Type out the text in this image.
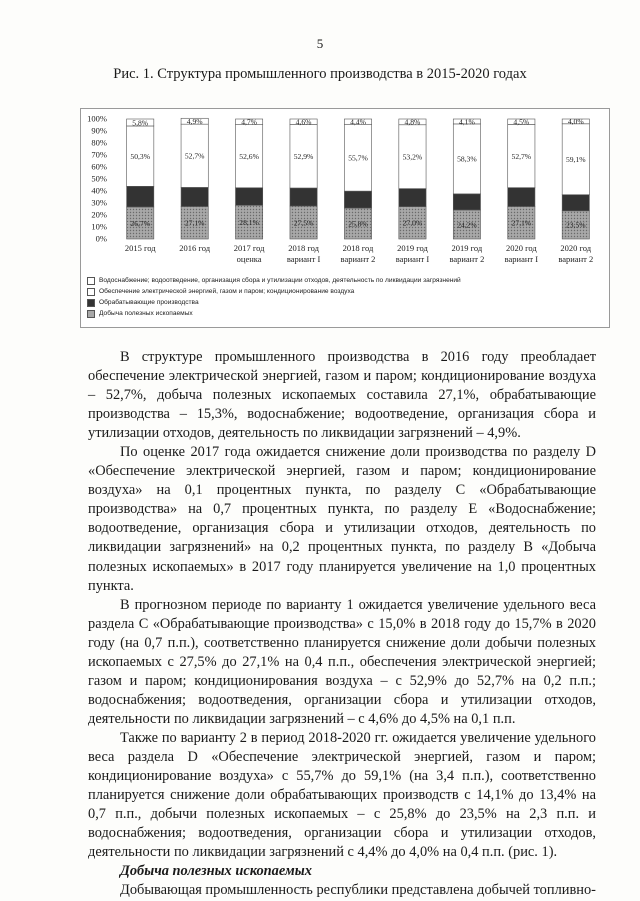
5
Рис. 1. Структура промышленного производства в 2015-2020 годах
0%
10%
20%
30%
40%
50%
60%
70%
80%
90%
100%
26,7%
50,3%
5,8%
2015 год
27,1%
52,7%
4,9%
2016 год
28,1%
52,6%
4,7%
2017 год
оценка
27,5%
52,9%
4,6%
2018 год
вариант I
25,8%
55,7%
4,4%
2018 год
вариант 2
27,0%
53,2%
4,8%
2019 год
вариант I
24,2%
58,3%
4,1%
2019 год
вариант 2
27,1%
52,7%
4,5%
2020 год
вариант I
23,5%
59,1%
4,0%
2020 год
вариант 2
Водоснабжение; водоотведение, организация сбора и утилизации отходов, деятельность по ликвидации загрязнений
Обеспечение электрической энергией, газом и паром; кондиционирование воздуха
Обрабатывающие производства
Добыча полезных ископаемых

В структуре промышленного производства в 2016 году преобладает обеспечение электрической энергией, газом и паром; кондиционирование воздуха – 52,7%, добыча полезных ископаемых составила 27,1%, обрабатывающие производства – 15,3%, водоснабжение; водоотведение, организация сбора и утилизации отходов, деятельность по ликвидации загрязнений – 4,9%.

По оценке 2017 года ожидается снижение доли производства по разделу D «Обеспечение электрической энергией, газом и паром; кондиционирование воздуха» на 0,1 процентных пункта, по разделу С «Обрабатывающие производства» на 0,7 процентных пункта, по разделу Е «Водоснабжение; водоотведение, организация сбора и утилизации отходов, деятельность по ликвидации загрязнений» на 0,2 процентных пункта, по разделу В «Добыча полезных ископаемых» в 2017 году планируется увеличение на 1,0 процентных пункта.

В прогнозном периоде по варианту 1 ожидается увеличение удельного веса раздела С «Обрабатывающие производства» с 15,0% в 2018 году до 15,7% в 2020 году (на 0,7 п.п.), соответственно планируется снижение доли добычи полезных ископаемых с 27,5% до 27,1% на 0,4 п.п., обеспечения электрической энергией; газом и паром; кондиционирования воздуха – с 52,9% до 52,7% на 0,2 п.п.; водоснабжения; водоотведения, организации сбора и утилизации отходов, деятельности по ликвидации загрязнений – с 4,6% до 4,5% на 0,1 п.п.

Также по варианту 2 в период 2018-2020 гг. ожидается увеличение удельного веса раздела D «Обеспечение электрической энергией, газом и паром; кондиционирование воздуха» с 55,7% до 59,1% (на 3,4 п.п.), соответственно планируется снижение доли обрабатывающих производств с 14,1% до 13,4% на 0,7 п.п., добычи полезных ископаемых – с 25,8% до 23,5% на 2,3 п.п. и водоснабжения; водоотведения, организации сбора и утилизации отходов, деятельности по ликвидации загрязнений с 4,4% до 4,0% на 0,4 п.п. (рис. 1).

Добыча полезных ископаемых

Добывающая промышленность республики представлена добычей топливно-
